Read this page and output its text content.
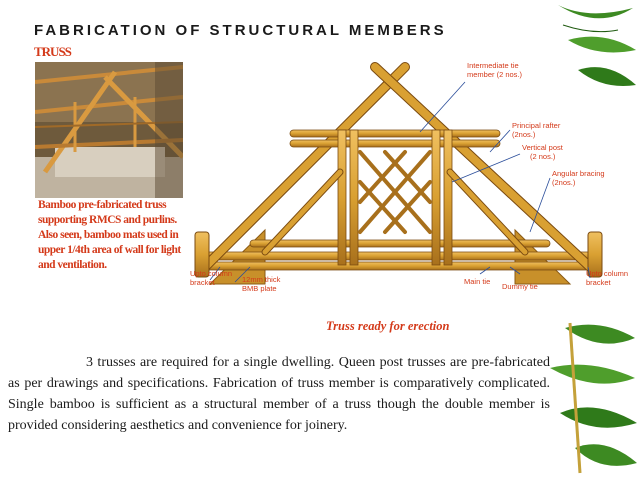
FABRICATION OF STRUCTURAL MEMBERS
TRUSS
Bamboo pre-fabricated truss supporting RMCS and purlins. Also seen, bamboo mats used in upper 1/4th area of wall for light and ventilation.
Intermediate tie
member (2 nos.)
Principal rafter
(2nos.)
Vertical post
(2 nos.)
Angular bracing
(2nos.)
Upto column
bracket	12mm thick
BMB plate
Main tie
Dummy tie
Upto column
bracket
Truss ready for erection

3 trusses are required for a single dwelling. Queen post trusses are pre-fabricated as per drawings and specifications. Fabrication of truss member is comparatively complicated. Single bamboo is sufficient as a structural member of a truss though the double member is provided considering aesthetics and convenience for joinery.
